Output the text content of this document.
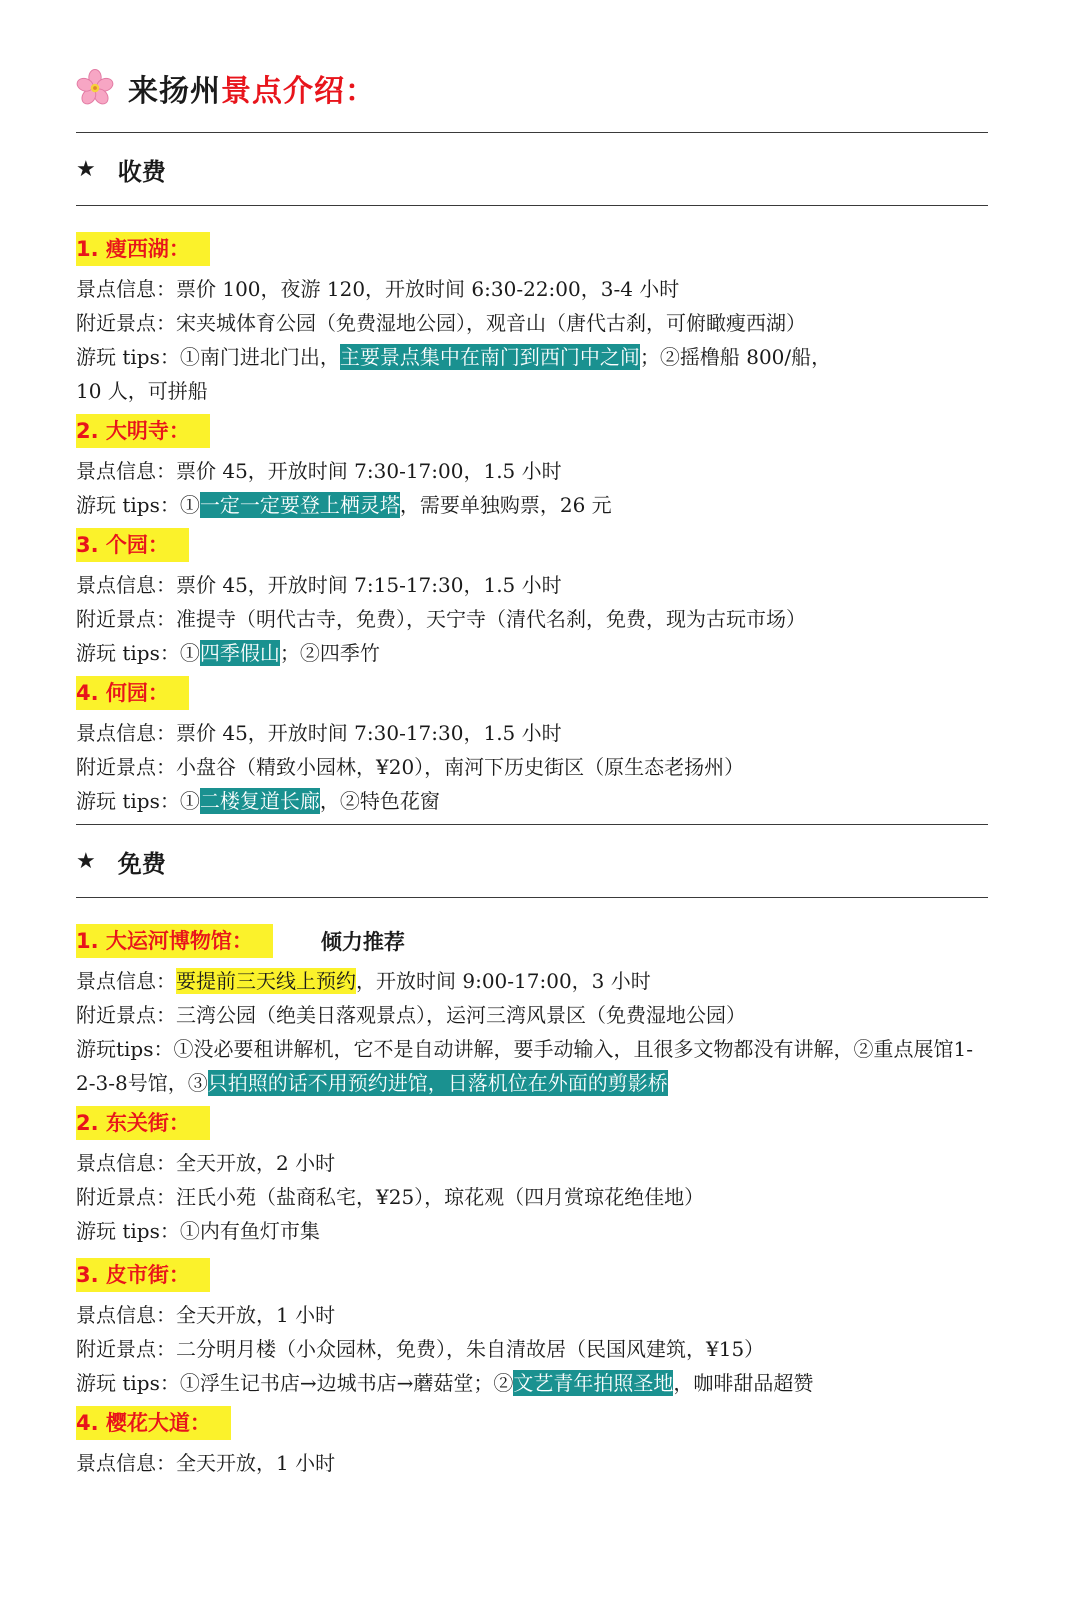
来扬州 景点介绍：
★ 收费
1. 瘦西湖：
景点信息：票价 100，夜游 120，开放时间 6:30-22:00，3-4 小时
附近景点：宋夹城体育公园（免费湿地公园），观音山（唐代古刹，可俯瞰瘦西湖）
游玩 tips：①南门进北门出，主要景点集中在南门到西门中之间；②摇橹船 800/船，
10 人，可拼船
2. 大明寺：
景点信息：票价 45，开放时间 7:30-17:00，1.5 小时
游玩 tips：①一定一定要登上栖灵塔，需要单独购票，26 元
3. 个园：
景点信息：票价 45，开放时间 7:15-17:30，1.5 小时
附近景点：准提寺（明代古寺，免费），天宁寺（清代名刹，免费，现为古玩市场）
游玩 tips：①四季假山；②四季竹
4. 何园：
景点信息：票价 45，开放时间 7:30-17:30，1.5 小时
附近景点：小盘谷（精致小园林，¥20），南河下历史街区（原生态老扬州）
游玩 tips：①二楼复道长廊，②特色花窗
★ 免费
1. 大运河博物馆：	倾力推荐
景点信息：要提前三天线上预约，开放时间 9:00-17:00，3 小时
附近景点：三湾公园（绝美日落观景点），运河三湾风景区（免费湿地公园）
游玩tips：①没必要租讲解机，它不是自动讲解，要手动输入，且很多文物都没有讲解，②重点展馆1-2-3-8号馆，③只拍照的话不用预约进馆，日落机位在外面的剪影桥
2. 东关街：
景点信息：全天开放，2 小时
附近景点：汪氏小苑（盐商私宅，¥25），琼花观（四月赏琼花绝佳地）
游玩 tips：①内有鱼灯市集
3. 皮市街：
景点信息：全天开放，1 小时
附近景点：二分明月楼（小众园林，免费），朱自清故居（民国风建筑，¥15）
游玩 tips：①浮生记书店→边城书店→蘑菇堂；②文艺青年拍照圣地，咖啡甜品超赞
4. 樱花大道：
景点信息：全天开放，1 小时
